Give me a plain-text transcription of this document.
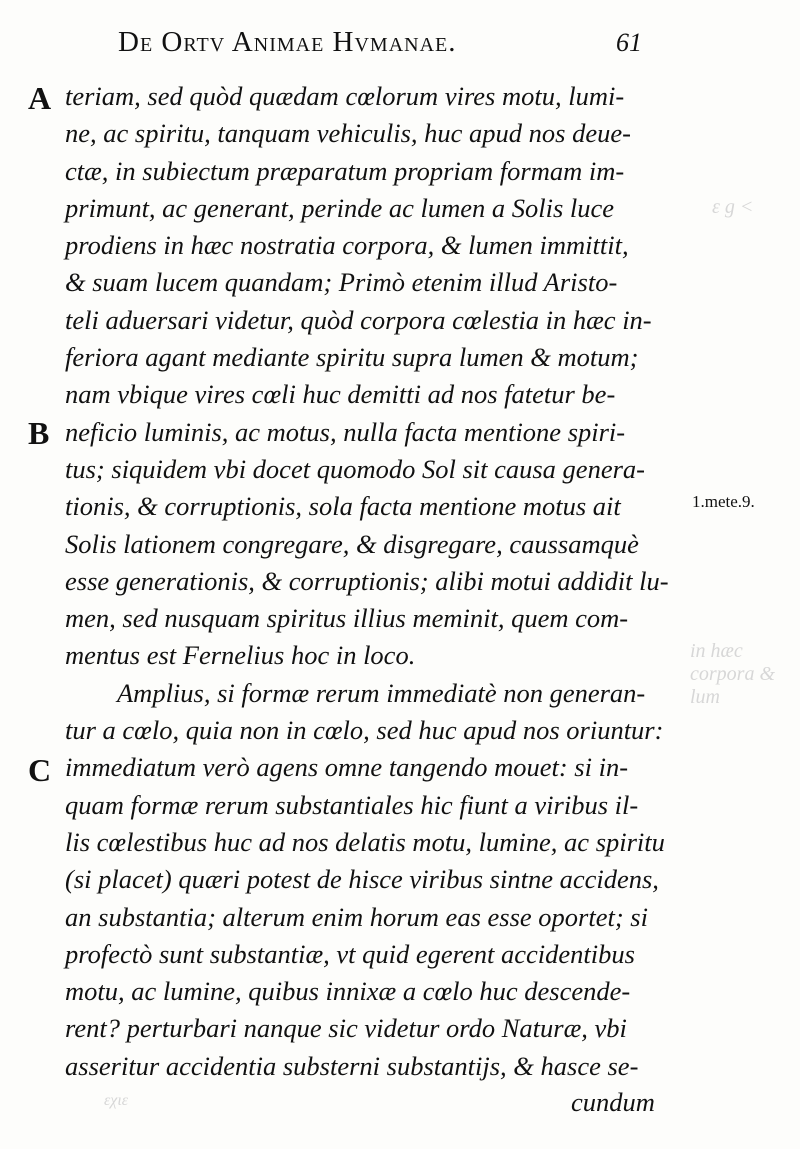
ε g <
in hæc corpora & lum
εχιε
De Ortv Animae Hvmanae.	61
A
B
C
1.mete.9.
teriam, sed quòd quædam cœlorum vires motu, lumi-
ne, ac spiritu, tanquam vehiculis, huc apud nos deue-
ctæ, in subiectum præparatum propriam formam im-
primunt, ac generant, perinde ac lumen a Solis luce
prodiens in hæc nostratia corpora, & lumen immittit,
& suam lucem quandam; Primò etenim illud Aristo-
teli aduersari videtur, quòd corpora cœlestia in hæc in-
feriora agant mediante spiritu supra lumen & motum;
nam vbique vires cœli huc demitti ad nos fatetur be-
neficio luminis, ac motus, nulla facta mentione spiri-
tus; siquidem vbi docet quomodo Sol sit causa genera-
tionis, & corruptionis, sola facta mentione motus ait
Solis lationem congregare, & disgregare, caussamquè
esse generationis, & corruptionis; alibi motui addidit lu-
men, sed nusquam spiritus illius meminit, quem com-
mentus est Fernelius hoc in loco.
Amplius, si formæ rerum immediatè non generan-
tur a cœlo, quia non in cœlo, sed huc apud nos oriuntur:
immediatum verò agens omne tangendo mouet: si in-
quam formæ rerum substantiales hic fiunt a viribus il-
lis cœlestibus huc ad nos delatis motu, lumine, ac spiritu
(si placet) quæri potest de hisce viribus sintne accidens,
an substantia; alterum enim horum eas esse oportet; si
profectò sunt substantiæ, vt quid egerent accidentibus
motu, ac lumine, quibus innixæ a cœlo huc descende-
rent? perturbari nanque sic videtur ordo Naturæ, vbi
asseritur accidentia substerni substantijs, & hasce se-
cundum
